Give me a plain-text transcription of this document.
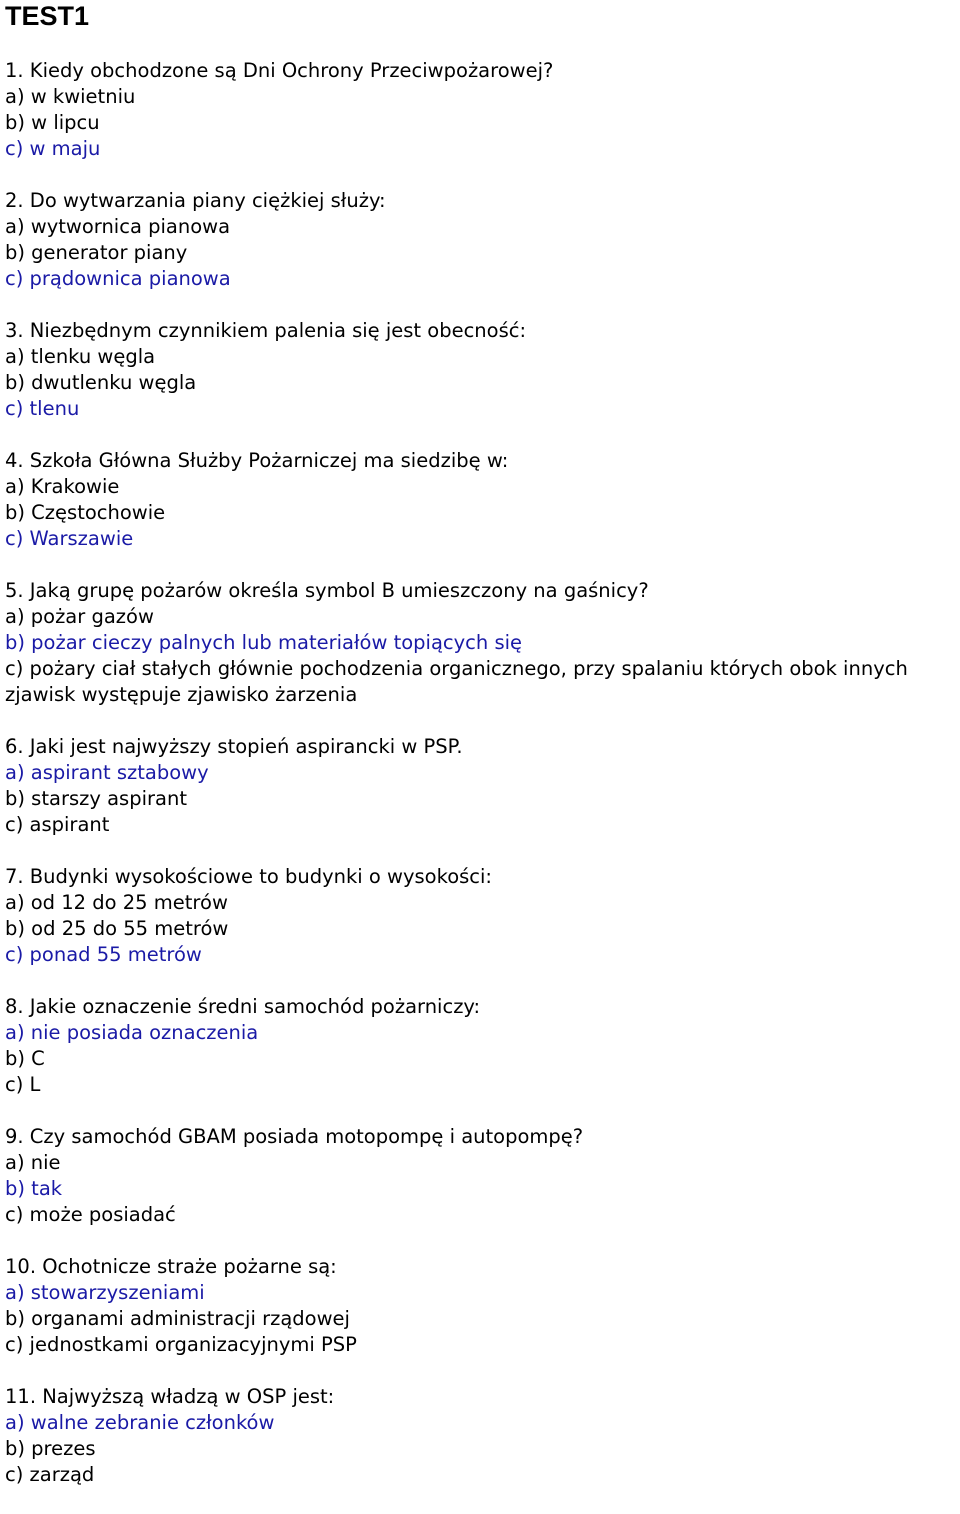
TEST1
1. Kiedy obchodzone są Dni Ochrony Przeciwpożarowej?
a) w kwietniu
b) w lipcu
c) w maju
2. Do wytwarzania piany ciężkiej służy:
a) wytwornica pianowa
b) generator piany
c) prądownica pianowa
3. Niezbędnym czynnikiem palenia się jest obecność:
a) tlenku węgla
b) dwutlenku węgla
c) tlenu
4. Szkoła Główna Służby Pożarniczej ma siedzibę w:
a) Krakowie
b) Częstochowie
c) Warszawie
5. Jaką grupę pożarów określa symbol B umieszczony na gaśnicy?
a) pożar gazów
b) pożar cieczy palnych lub materiałów topiących się
c) pożary ciał stałych głównie pochodzenia organicznego, przy spalaniu których obok innych zjawisk występuje zjawisko żarzenia
6. Jaki jest najwyższy stopień aspirancki w PSP.
a) aspirant sztabowy
b) starszy aspirant
c) aspirant
7. Budynki wysokościowe to budynki o wysokości:
a) od 12 do 25 metrów
b) od 25 do 55 metrów
c) ponad 55 metrów
8. Jakie oznaczenie średni samochód pożarniczy:
a) nie posiada oznaczenia
b) C
c) L
9. Czy samochód GBAM posiada motopompę i autopompę?
a) nie
b) tak
c) może posiadać
10. Ochotnicze straże pożarne są:
a) stowarzyszeniami
b) organami administracji rządowej
c) jednostkami organizacyjnymi PSP
11. Najwyższą władzą w OSP jest:
a) walne zebranie członków
b) prezes
c) zarząd
